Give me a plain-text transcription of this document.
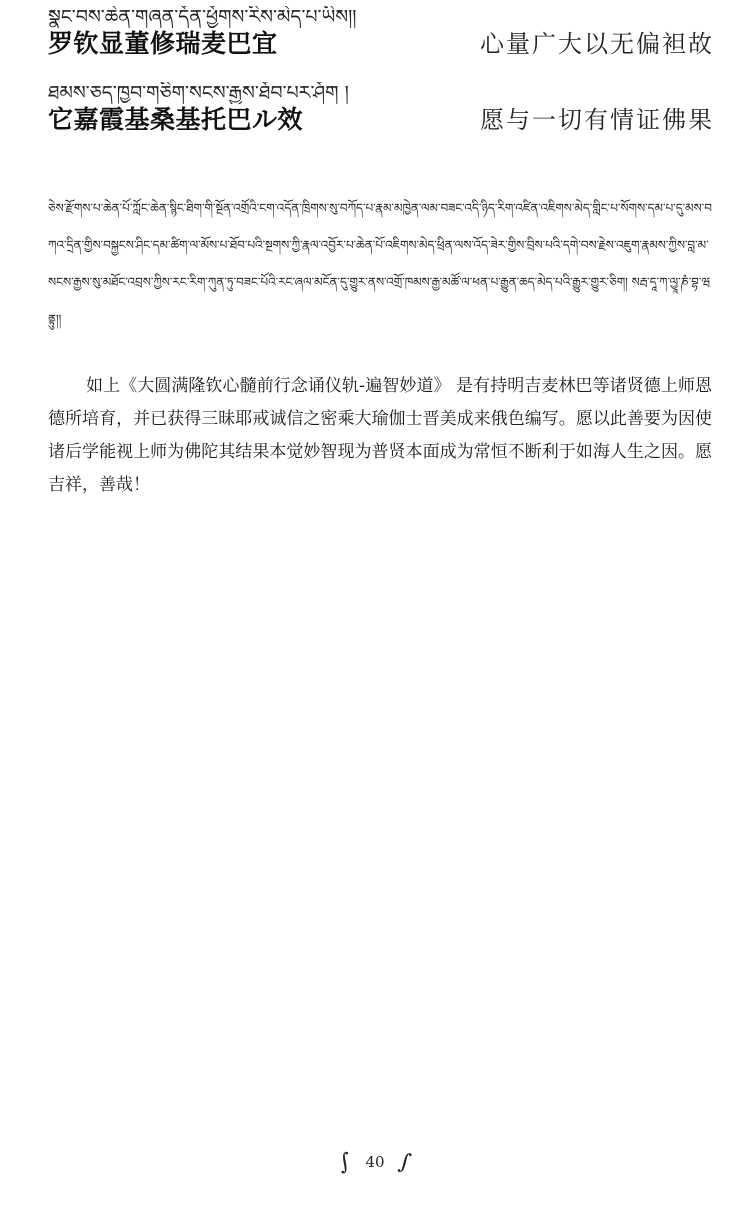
སྣང་བས་ཆེན་གཞན་དོན་ཕྱོགས་རིས་མེད་པ་ཡིས།།
罗钦显董修瑞麦巴宜	心量广大以无偏袒故
ཐམས་ཅད་ཁྱབ་གཅིག་སངས་རྒྱས་ཐོབ་པར་ཤོག །
它嘉霞基桑基托巴ル效	愿与一切有情证佛果
ཅེས་རྫོགས་པ་ཆེན་པོ་ཀློང་ཆེན་སྙིང་ཐིག་གི་སྔོན་འགྲོའི་ངག་འདོན་ཁྲིགས་སུ་བཀོད་པ་རྣམ་མཁྱེན་ལམ་བཟང་འདི་ཉིད་རིག་འཛིན་འཇིགས་མེད་གླིང་པ་སོགས་དམ་པ་དུ་མས་བཀའ་དྲིན་གྱིས་བསྐྱངས་ཤིང་དམ་ཚིག་ལ་མོས་པ་ཐོབ་པའི་སྔགས་ཀྱི་རྣལ་འབྱོར་པ་ཆེན་པོ་འཇིགས་མེད་ཕྲིན་ལས་འོད་ཟེར་གྱིས་བྲིས་པའི་དགེ་བས་རྗེས་འཇུག་རྣམས་ཀྱིས་བླ་མ་སངས་རྒྱས་སུ་མཐོང་འབྲས་ཀྱིས་རང་རིག་ཀུན་ཏུ་བཟང་པོའི་རང་ཞལ་མངོན་དུ་གྱུར་ནས་འགྲོ་ཁམས་རྒྱ་མཚོ་ལ་ཕན་པ་རྒྱུན་ཆད་མེད་པའི་རྒྱུར་གྱུར་ཅིག། སརྦ་དཱ་ཀ་ལྱཱ་ཎཾ་བྷ་ཝནྟུ།།
如上《大圆满隆钦心髓前行念诵仪轨-遍智妙道》 是有持明吉麦林巴等诸贤德上师恩德所培育，并已获得三昧耶戒诚信之密乘大瑜伽士晋美成来俄色编写。愿以此善要为因使诸后学能视上师为佛陀其结果本觉妙智现为普贤本面成为常恒不断利于如海人生之因。愿吉祥，善哉！
∫ 40 ∫
